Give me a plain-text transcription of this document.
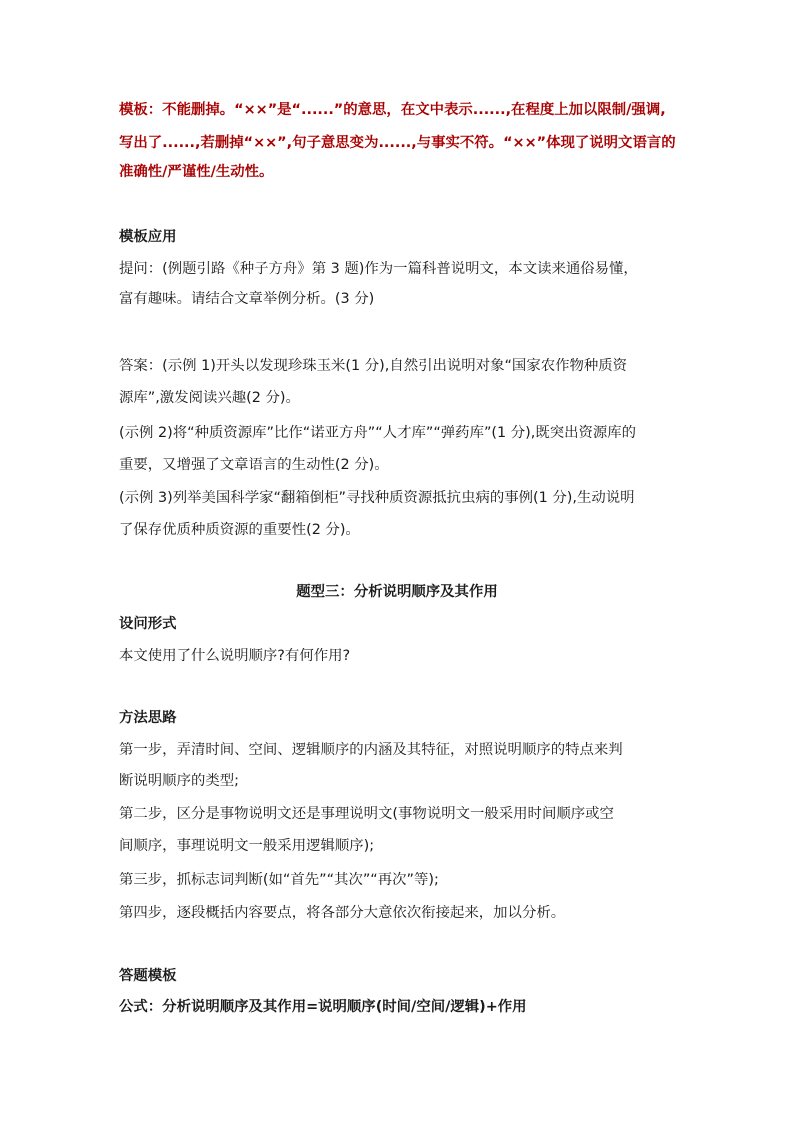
模板：不能删掉。“××”是“......”的意思，在文中表示......,在程度上加以限制/强调,
写出了......,若删掉“××”,句子意思变为......,与事实不符。“××”体现了说明文语言的
准确性/严谨性/生动性。
模板应用
提问：(例题引路《种子方舟》第 3 题)作为一篇科普说明文，本文读来通俗易懂，
富有趣味。请结合文章举例分析。(3 分)
答案：(示例 1)开头以发现珍珠玉米(1 分),自然引出说明对象“国家农作物种质资
源库”,激发阅读兴趣(2 分)。
(示例 2)将“种质资源库”比作“诺亚方舟”“人才库”“弹药库”(1 分),既突出资源库的
重要，又增强了文章语言的生动性(2 分)。
(示例 3)列举美国科学家“翻箱倒柜”寻找种质资源抵抗虫病的事例(1 分),生动说明
了保存优质种质资源的重要性(2 分)。
题型三：分析说明顺序及其作用
设问形式
本文使用了什么说明顺序?有何作用?
方法思路
第一步，弄清时间、空间、逻辑顺序的内涵及其特征，对照说明顺序的特点来判
断说明顺序的类型;
第二步，区分是事物说明文还是事理说明文(事物说明文一般采用时间顺序或空
间顺序，事理说明文一般采用逻辑顺序);
第三步，抓标志词判断(如“首先”“其次”“再次”等);
第四步，逐段概括内容要点，将各部分大意依次衔接起来，加以分析。
答题模板
公式：分析说明顺序及其作用=说明顺序(时间/空间/逻辑)+作用
